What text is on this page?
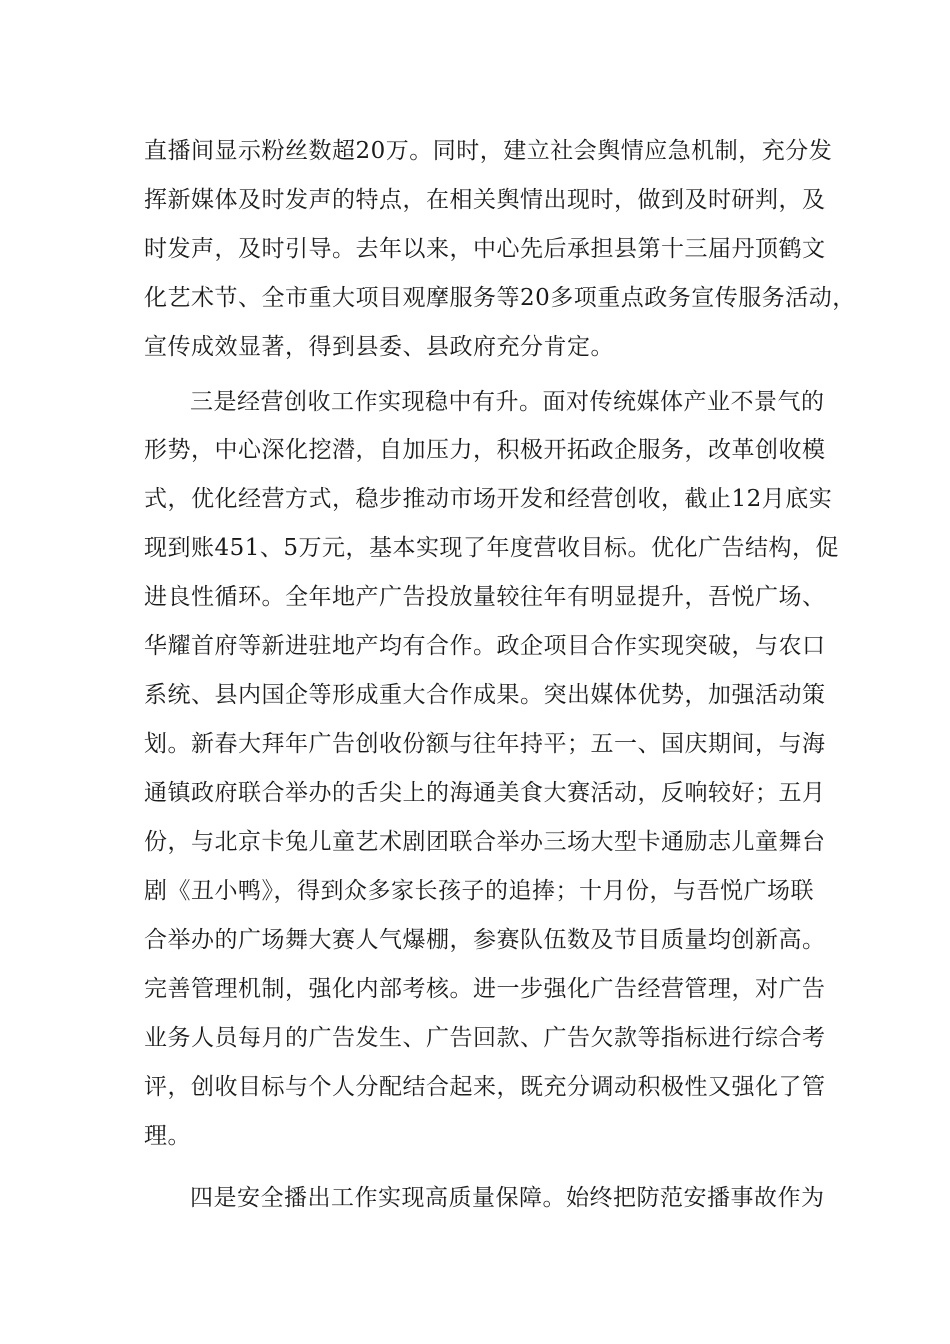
直播间显示粉丝数超20万。同时，建立社会舆情应急机制，充分发
挥新媒体及时发声的特点，在相关舆情出现时，做到及时研判，及
时发声，及时引导。去年以来，中心先后承担县第十三届丹顶鹤文
化艺术节、全市重大项目观摩服务等20多项重点政务宣传服务活动，
宣传成效显著，得到县委、县政府充分肯定。
三是经营创收工作实现稳中有升。面对传统媒体产业不景气的
形势，中心深化挖潜，自加压力，积极开拓政企服务，改革创收模
式，优化经营方式，稳步推动市场开发和经营创收，截止12月底实
现到账451、5万元，基本实现了年度营收目标。优化广告结构，促
进良性循环。全年地产广告投放量较往年有明显提升，吾悦广场、
华耀首府等新进驻地产均有合作。政企项目合作实现突破，与农口
系统、县内国企等形成重大合作成果。突出媒体优势，加强活动策
划。新春大拜年广告创收份额与往年持平；五一、国庆期间，与海
通镇政府联合举办的舌尖上的海通美食大赛活动，反响较好；五月
份，与北京卡兔儿童艺术剧团联合举办三场大型卡通励志儿童舞台
剧《丑小鸭》，得到众多家长孩子的追捧；十月份，与吾悦广场联
合举办的广场舞大赛人气爆棚，参赛队伍数及节目质量均创新高。
完善管理机制，强化内部考核。进一步强化广告经营管理，对广告
业务人员每月的广告发生、广告回款、广告欠款等指标进行综合考
评，创收目标与个人分配结合起来，既充分调动积极性又强化了管
理。
四是安全播出工作实现高质量保障。始终把防范安播事故作为
